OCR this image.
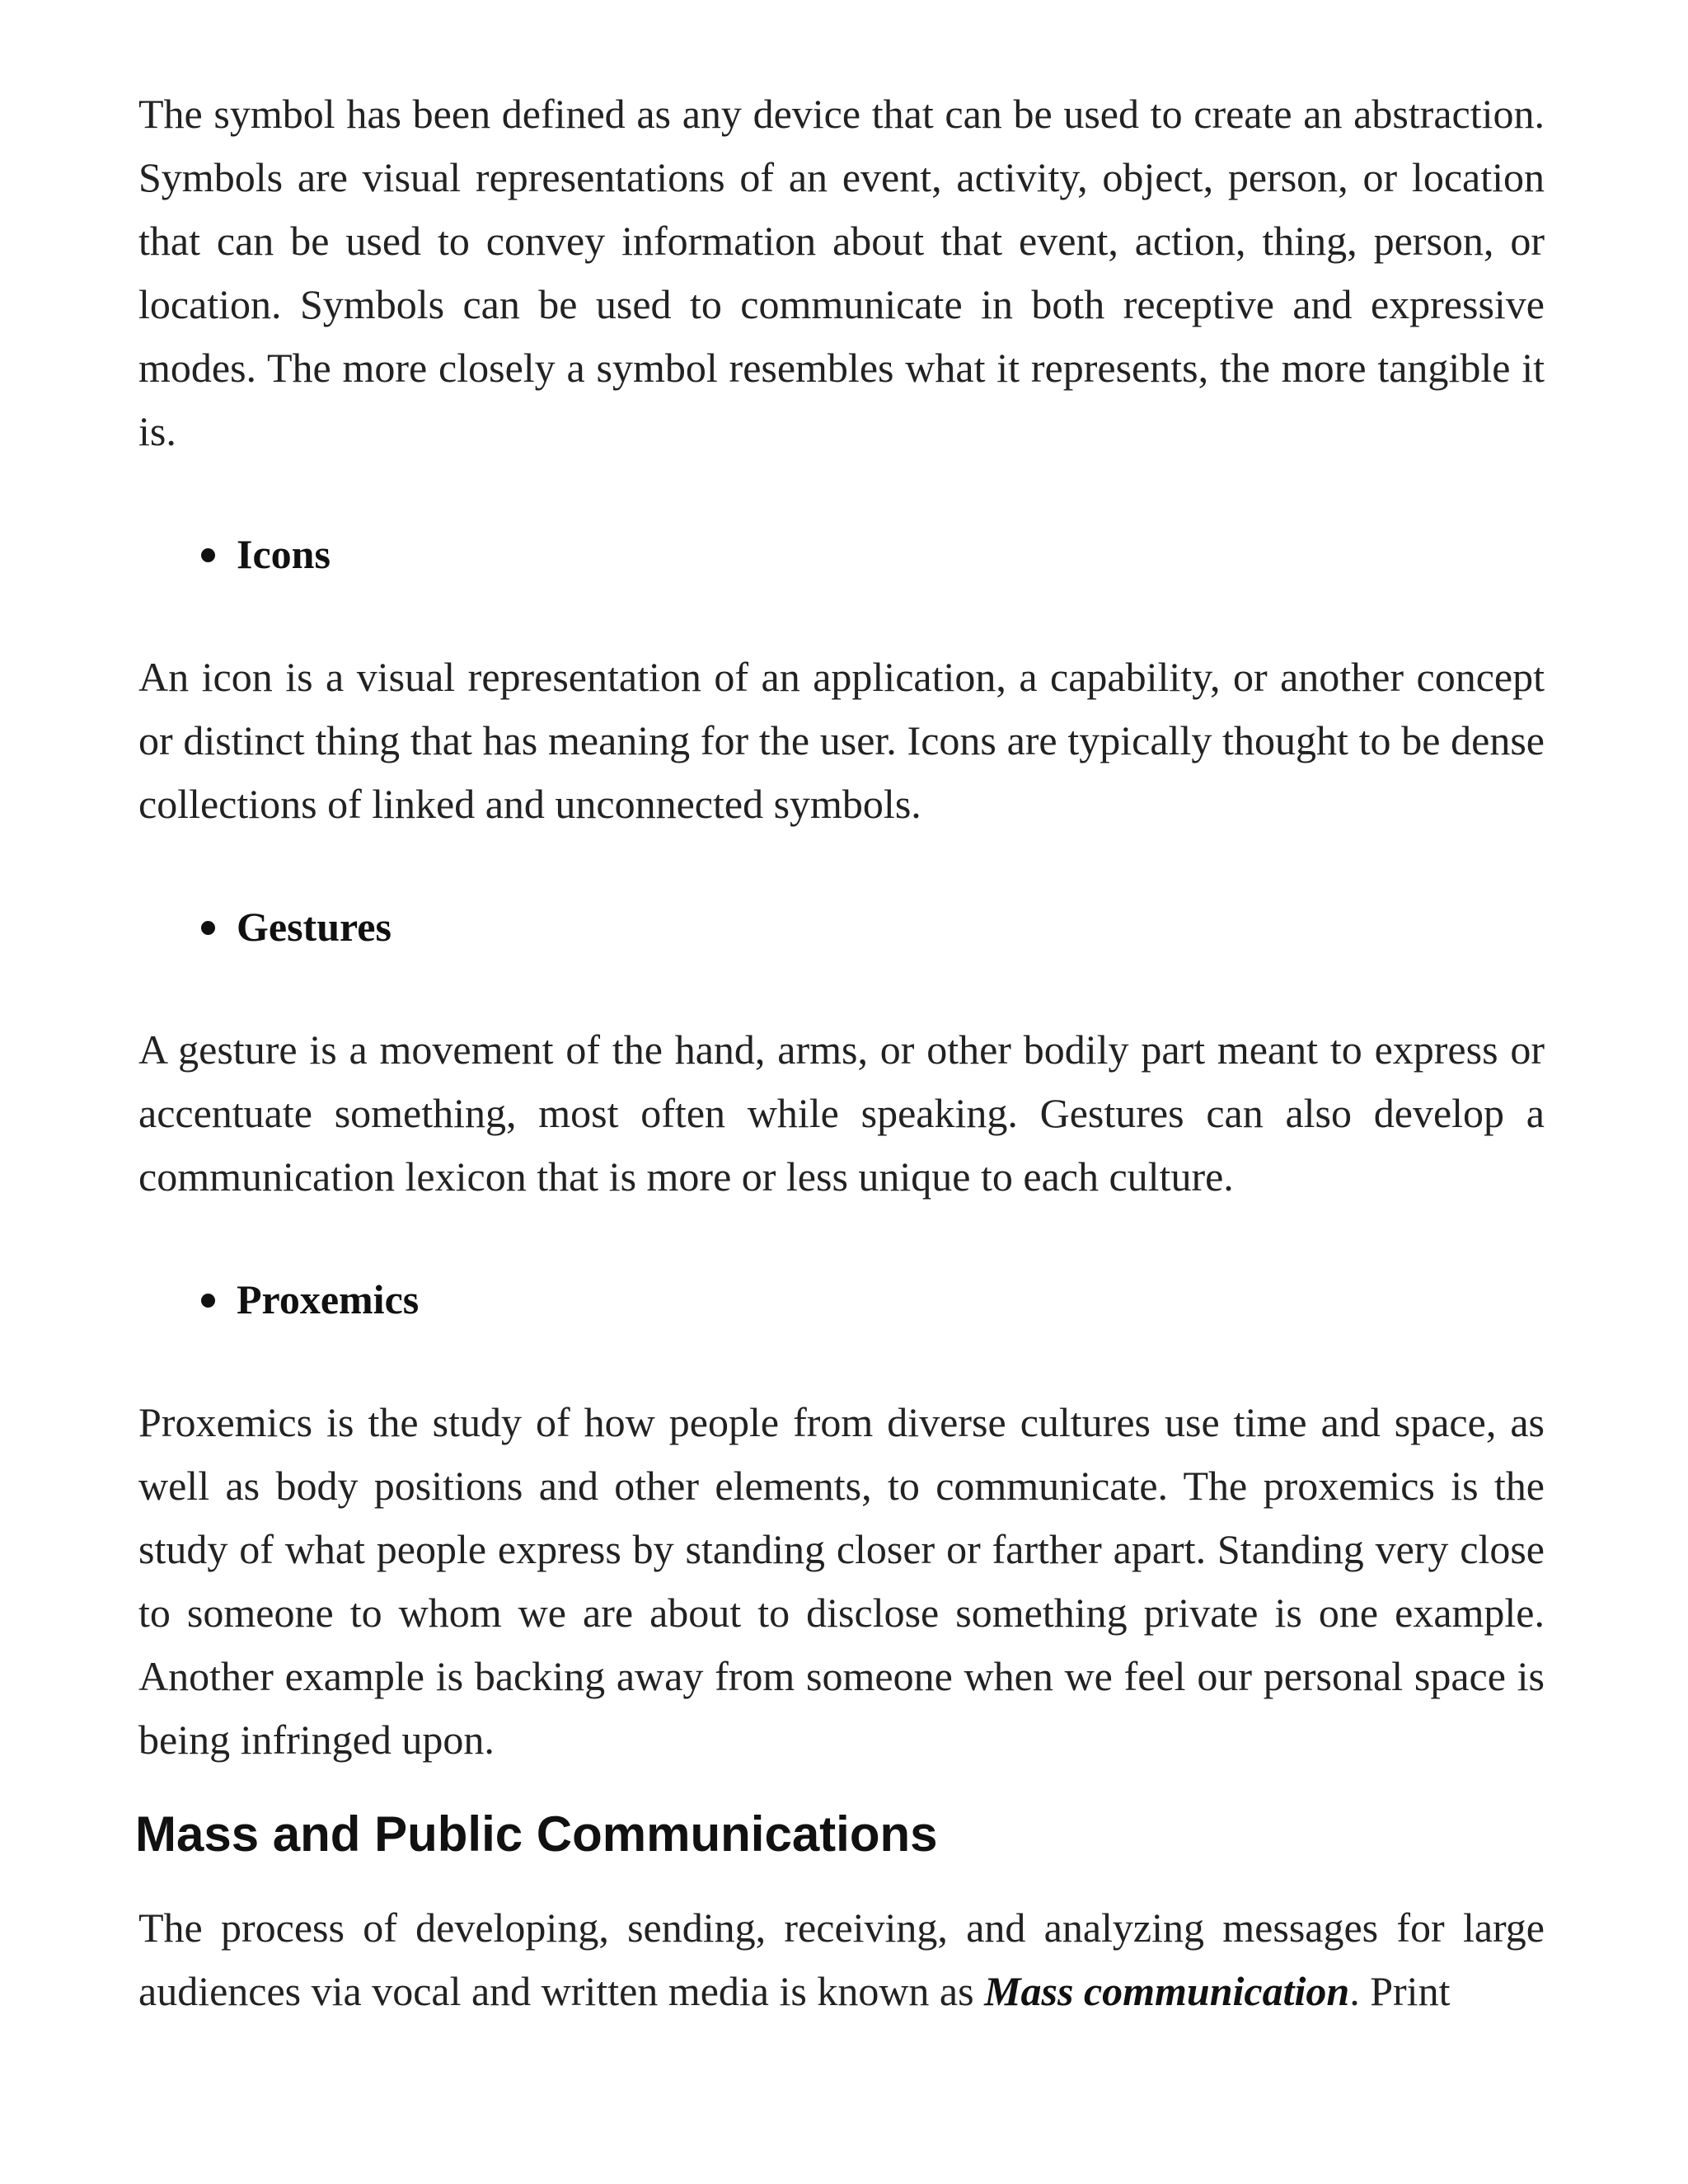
The symbol has been defined as any device that can be used to create an abstraction. Symbols are visual representations of an event, activity, object, person, or location that can be used to convey information about that event, action, thing, person, or location. Symbols can be used to communicate in both receptive and expressive modes. The more closely a symbol resembles what it represents, the more tangible it is.

Icons

An icon is a visual representation of an application, a capability, or another concept or distinct thing that has meaning for the user. Icons are typically thought to be dense collections of linked and unconnected symbols.

Gestures

A gesture is a movement of the hand, arms, or other bodily part meant to express or accentuate something, most often while speaking. Gestures can also develop a communication lexicon that is more or less unique to each culture.

Proxemics

Proxemics is the study of how people from diverse cultures use time and space, as well as body positions and other elements, to communicate. The proxemics is the study of what people express by standing closer or farther apart. Standing very close to someone to whom we are about to disclose something private is one example. Another example is backing away from someone when we feel our personal space is being infringed upon.

Mass and Public Communications

The process of developing, sending, receiving, and analyzing messages for large audiences via vocal and written media is known as Mass communication. Print
